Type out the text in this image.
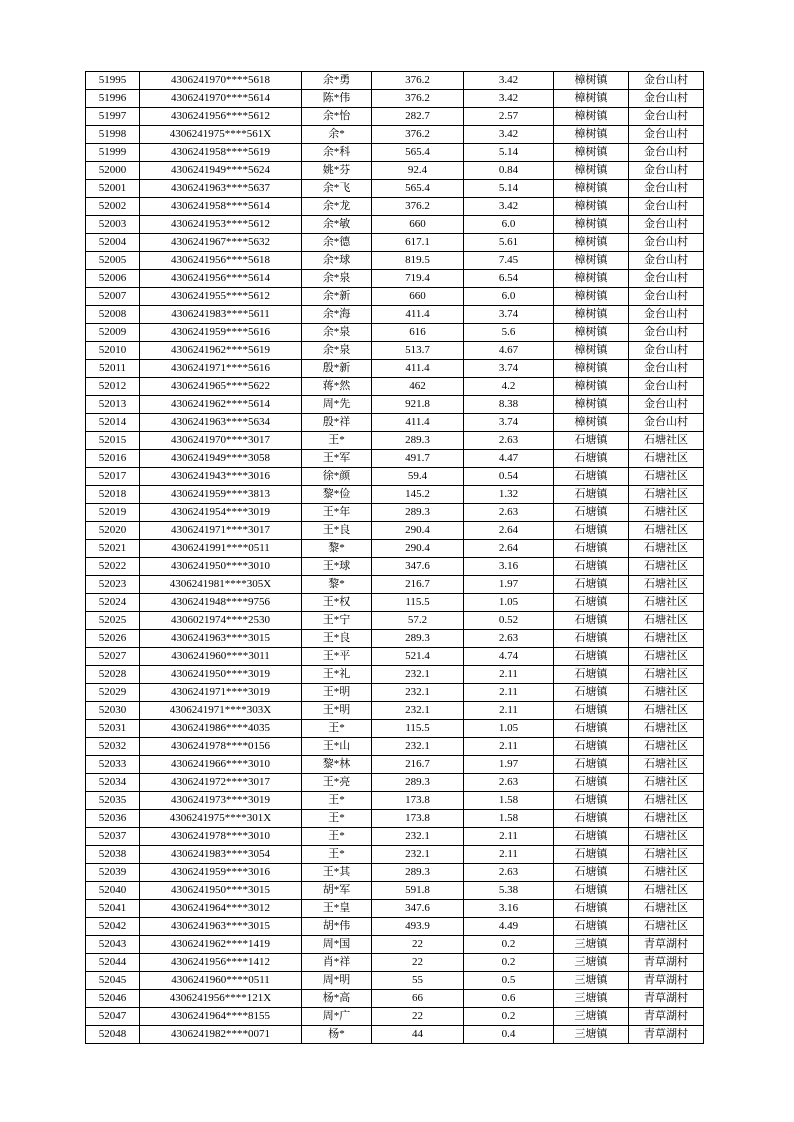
51995	4306241970****5618	余*勇	376.2	3.42	樟树镇	金台山村
51996	4306241970****5614	陈*伟	376.2	3.42	樟树镇	金台山村
51997	4306241956****5612	余*怡	282.7	2.57	樟树镇	金台山村
51998	4306241975****561X	余*	376.2	3.42	樟树镇	金台山村
51999	4306241958****5619	余*科	565.4	5.14	樟树镇	金台山村
52000	4306241949****5624	姚*芬	92.4	0.84	樟树镇	金台山村
52001	4306241963****5637	余*飞	565.4	5.14	樟树镇	金台山村
52002	4306241958****5614	余*龙	376.2	3.42	樟树镇	金台山村
52003	4306241953****5612	余*敏	660	6.0	樟树镇	金台山村
52004	4306241967****5632	余*德	617.1	5.61	樟树镇	金台山村
52005	4306241956****5618	余*球	819.5	7.45	樟树镇	金台山村
52006	4306241956****5614	余*泉	719.4	6.54	樟树镇	金台山村
52007	4306241955****5612	余*新	660	6.0	樟树镇	金台山村
52008	4306241983****5611	余*海	411.4	3.74	樟树镇	金台山村
52009	4306241959****5616	余*泉	616	5.6	樟树镇	金台山村
52010	4306241962****5619	余*泉	513.7	4.67	樟树镇	金台山村
52011	4306241971****5616	殷*新	411.4	3.74	樟树镇	金台山村
52012	4306241965****5622	蒋*然	462	4.2	樟树镇	金台山村
52013	4306241962****5614	周*先	921.8	8.38	樟树镇	金台山村
52014	4306241963****5634	殷*祥	411.4	3.74	樟树镇	金台山村
52015	4306241970****3017	王*	289.3	2.63	石塘镇	石塘社区
52016	4306241949****3058	王*军	491.7	4.47	石塘镇	石塘社区
52017	4306241943****3016	徐*颜	59.4	0.54	石塘镇	石塘社区
52018	4306241959****3813	黎*俭	145.2	1.32	石塘镇	石塘社区
52019	4306241954****3019	王*年	289.3	2.63	石塘镇	石塘社区
52020	4306241971****3017	王*良	290.4	2.64	石塘镇	石塘社区
52021	4306241991****0511	黎*	290.4	2.64	石塘镇	石塘社区
52022	4306241950****3010	王*球	347.6	3.16	石塘镇	石塘社区
52023	4306241981****305X	黎*	216.7	1.97	石塘镇	石塘社区
52024	4306241948****9756	王*权	115.5	1.05	石塘镇	石塘社区
52025	4306021974****2530	王*宁	57.2	0.52	石塘镇	石塘社区
52026	4306241963****3015	王*良	289.3	2.63	石塘镇	石塘社区
52027	4306241960****3011	王*平	521.4	4.74	石塘镇	石塘社区
52028	4306241950****3019	王*礼	232.1	2.11	石塘镇	石塘社区
52029	4306241971****3019	王*明	232.1	2.11	石塘镇	石塘社区
52030	4306241971****303X	王*明	232.1	2.11	石塘镇	石塘社区
52031	4306241986****4035	王*	115.5	1.05	石塘镇	石塘社区
52032	4306241978****0156	王*山	232.1	2.11	石塘镇	石塘社区
52033	4306241966****3010	黎*林	216.7	1.97	石塘镇	石塘社区
52034	4306241972****3017	王*亮	289.3	2.63	石塘镇	石塘社区
52035	4306241973****3019	王*	173.8	1.58	石塘镇	石塘社区
52036	4306241975****301X	王*	173.8	1.58	石塘镇	石塘社区
52037	4306241978****3010	王*	232.1	2.11	石塘镇	石塘社区
52038	4306241983****3054	王*	232.1	2.11	石塘镇	石塘社区
52039	4306241959****3016	王*其	289.3	2.63	石塘镇	石塘社区
52040	4306241950****3015	胡*军	591.8	5.38	石塘镇	石塘社区
52041	4306241964****3012	王*皇	347.6	3.16	石塘镇	石塘社区
52042	4306241963****3015	胡*伟	493.9	4.49	石塘镇	石塘社区
52043	4306241962****1419	周*国	22	0.2	三塘镇	青草湖村
52044	4306241956****1412	肖*祥	22	0.2	三塘镇	青草湖村
52045	4306241960****0511	周*明	55	0.5	三塘镇	青草湖村
52046	4306241956****121X	杨*高	66	0.6	三塘镇	青草湖村
52047	4306241964****8155	周*广	22	0.2	三塘镇	青草湖村
52048	4306241982****0071	杨*	44	0.4	三塘镇	青草湖村
